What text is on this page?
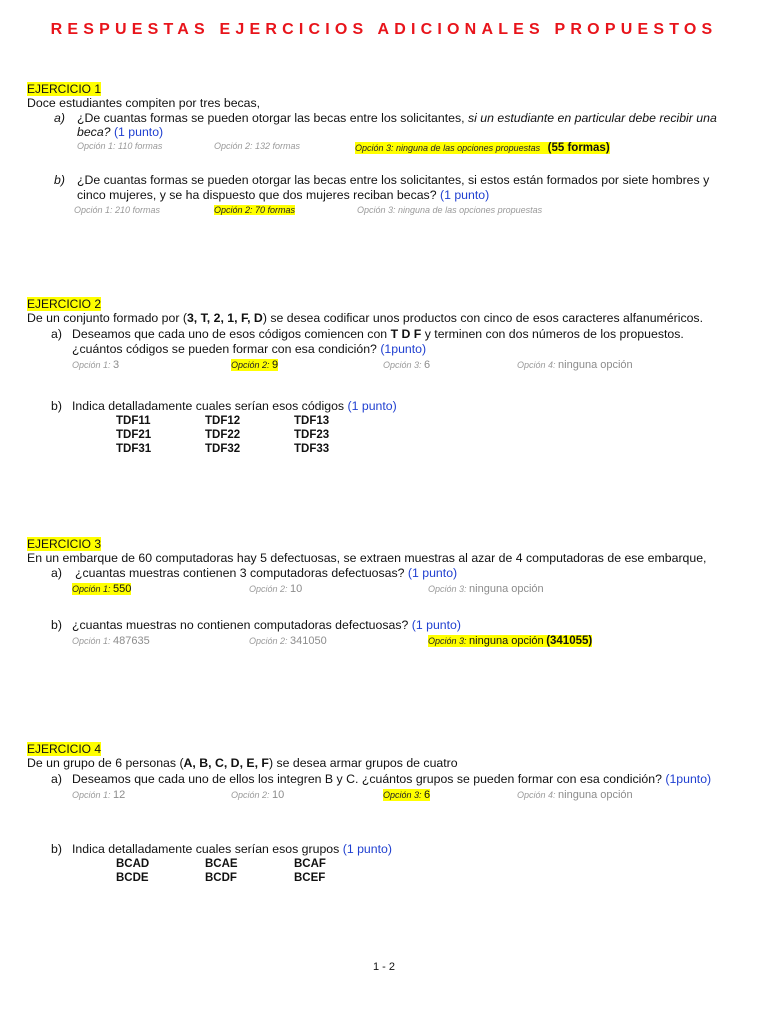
RESPUESTAS EJERCICIOS ADICIONALES PROPUESTOS
EJERCICIO 1
Doce estudiantes compiten por tres becas,
a) ¿De cuantas formas se pueden otorgar las becas entre los solicitantes, si un estudiante en particular debe recibir una
beca? (1 punto)
Opción 1: 110 formas	Opción 2: 132 formas	Opción 3: ninguna de las opciones propuestas (55 formas)
b) ¿De cuantas formas se pueden otorgar las becas entre los solicitantes, si estos están formados por siete hombres y
cinco mujeres, y se ha dispuesto que dos mujeres reciban becas? (1 punto)
Opción 1: 210 formas	Opción 2: 70 formas	Opción 3: ninguna de las opciones propuestas
EJERCICIO 2
De un conjunto formado por (3, T, 2, 1, F, D) se desea codificar unos productos con cinco de esos caracteres alfanuméricos.
a) Deseamos que cada uno de esos códigos comiencen con T D F y terminen con dos números de los propuestos.
¿cuántos códigos se pueden formar con esa condición? (1punto)
Opción 1: 3	Opción 2: 9	Opción 3: 6	Opción 4: ninguna opción
b) Indica detalladamente cuales serían esos códigos (1 punto)
TDF11	TDF12	TDF13
TDF21	TDF22	TDF23
TDF31	TDF32	TDF33
EJERCICIO 3
En un embarque de 60 computadoras hay 5 defectuosas, se extraen muestras al azar de 4 computadoras de ese embarque,
a) ¿cuantas muestras contienen 3 computadoras defectuosas? (1 punto)
Opción 1: 550	Opción 2: 10	Opción 3: ninguna opción
b) ¿cuantas muestras no contienen computadoras defectuosas? (1 punto)
Opción 1: 487635	Opción 2: 341050	Opción 3: ninguna opción (341055)
EJERCICIO 4
De un grupo de 6 personas (A, B, C, D, E, F) se desea armar grupos de cuatro
a) Deseamos que cada uno de ellos los integren B y C. ¿cuántos grupos se pueden formar con esa condición? (1punto)
Opción 1: 12	Opción 2: 10	Opción 3: 6	Opción 4: ninguna opción
b) Indica detalladamente cuales serían esos grupos (1 punto)
BCAD	BCAE	BCAF
BCDE	BCDF	BCEF
1 - 2
